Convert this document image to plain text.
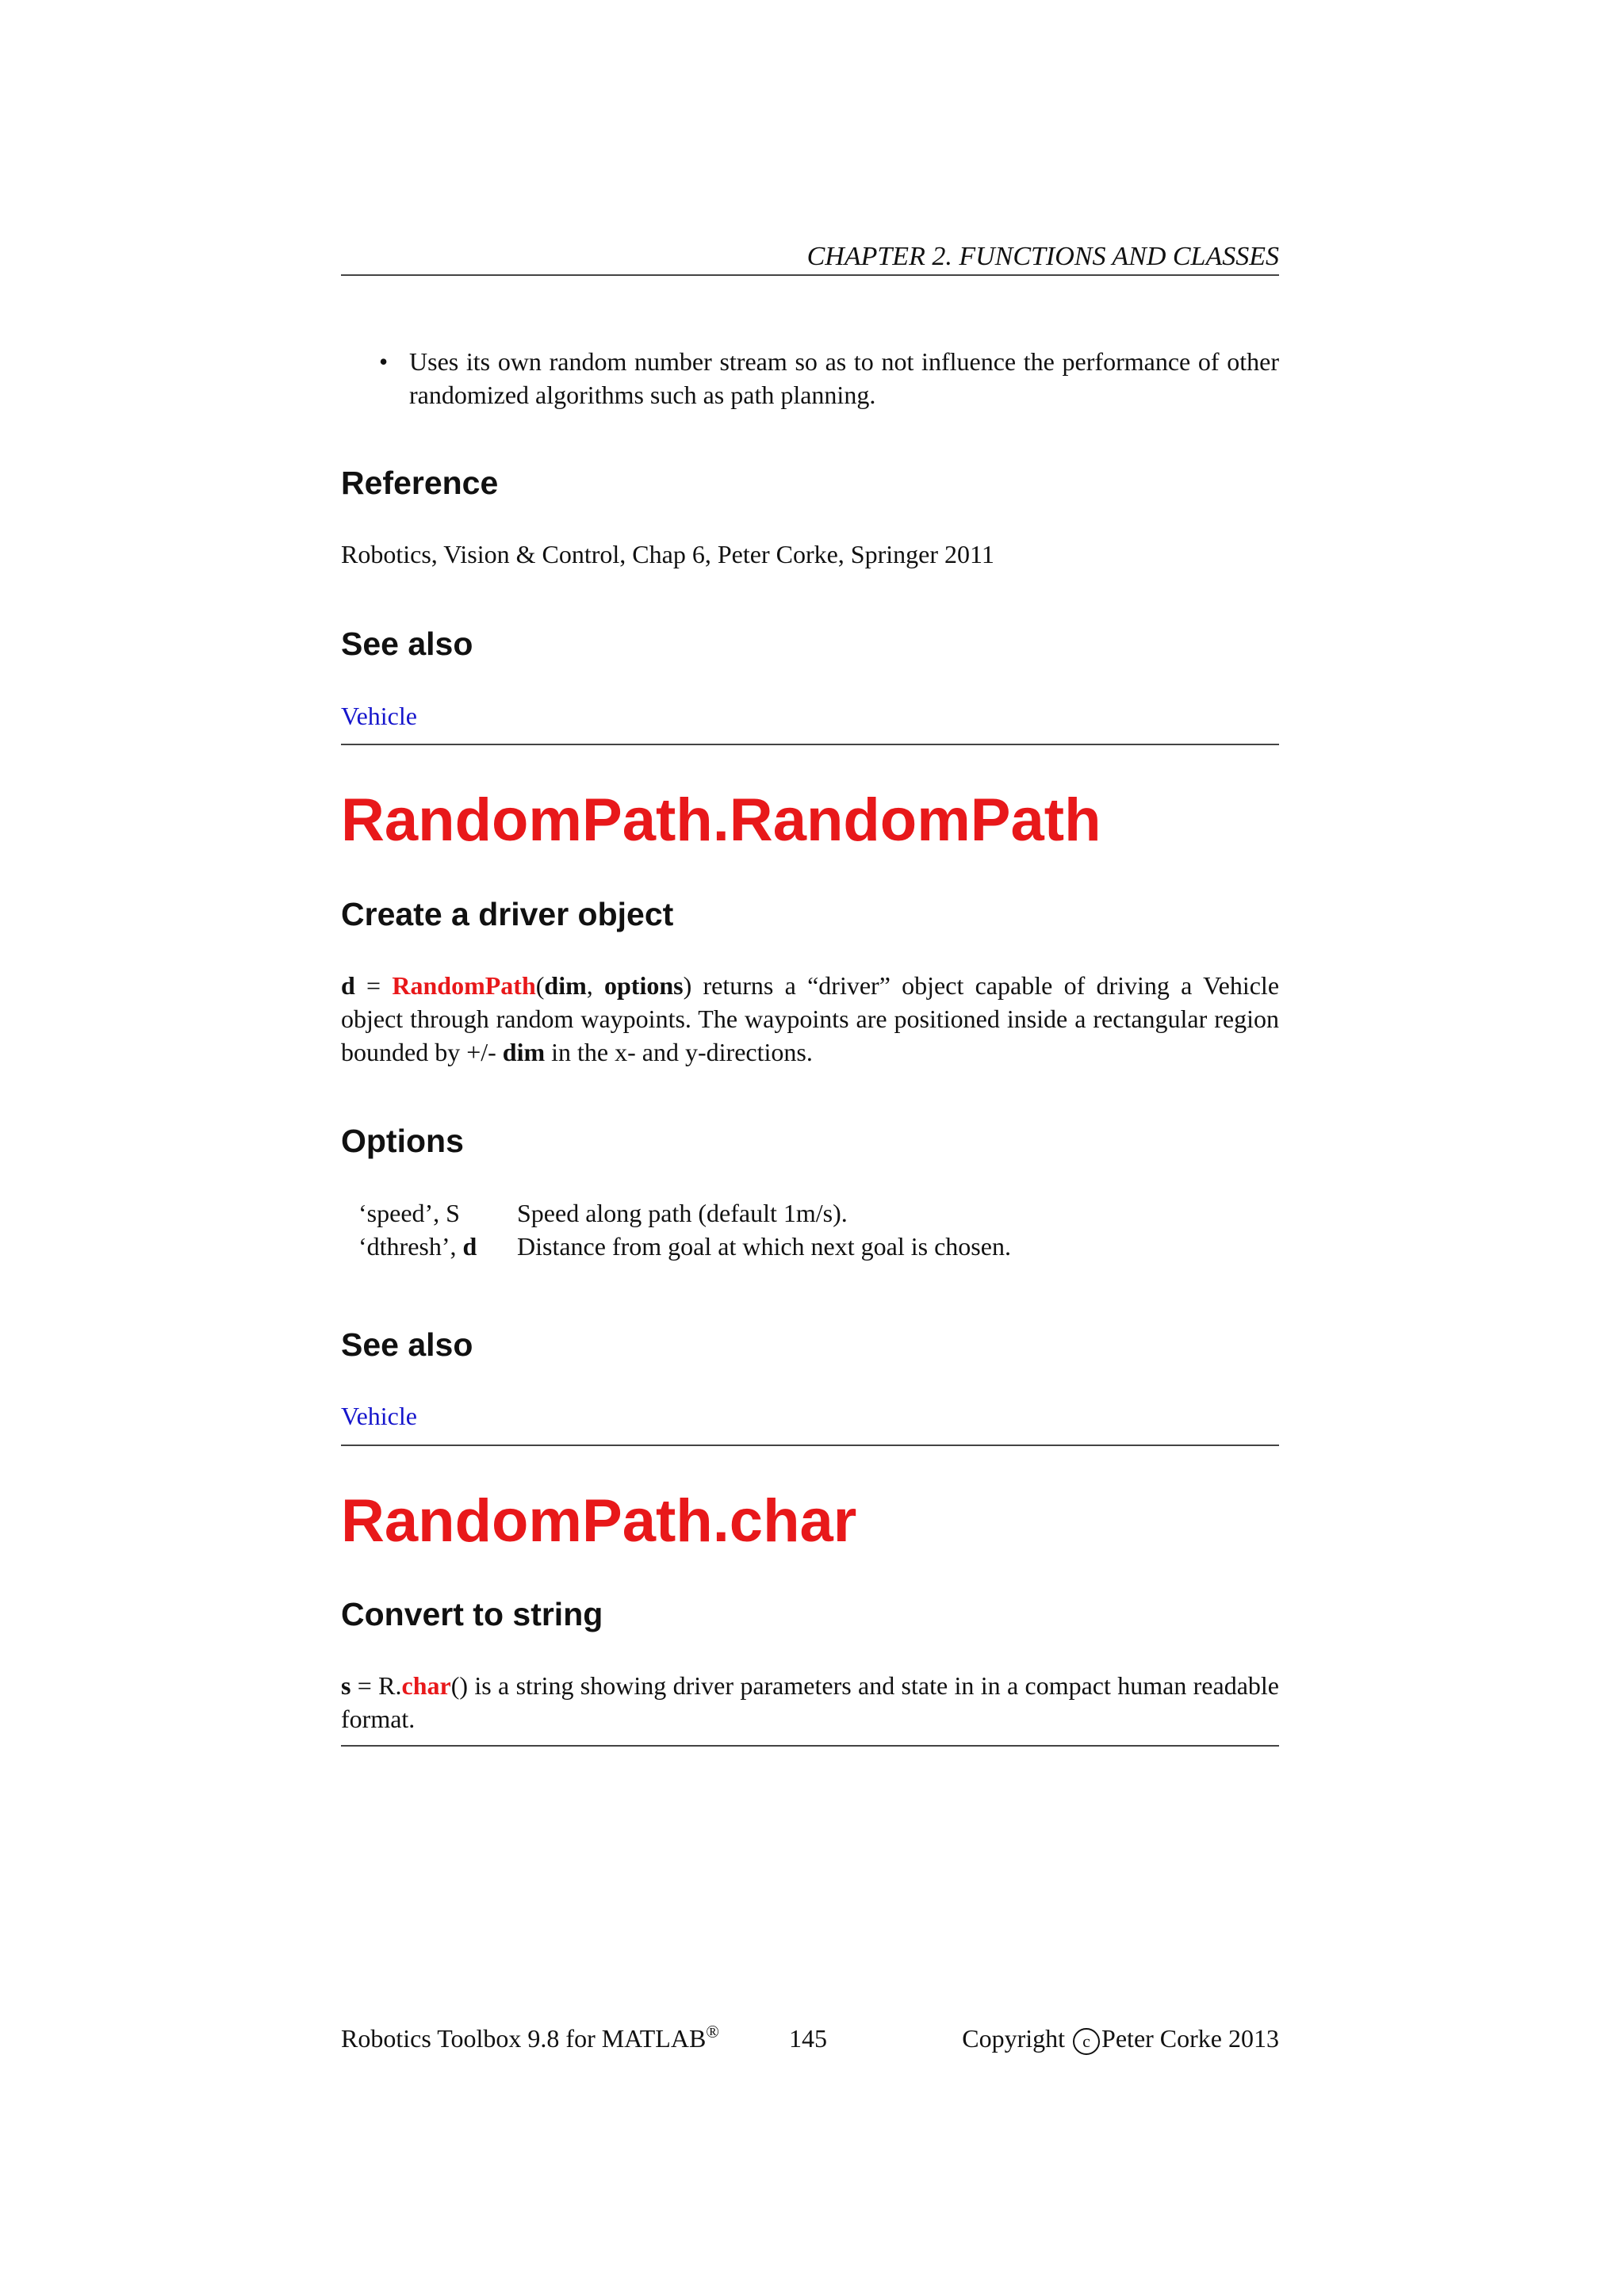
CHAPTER 2. FUNCTIONS AND CLASSES
• Uses its own random number stream so as to not influence the performance of other randomized algorithms such as path planning.
Reference
Robotics, Vision & Control, Chap 6, Peter Corke, Springer 2011
See also
Vehicle
RandomPath.RandomPath
Create a driver object
d = RandomPath(dim, options) returns a “driver” object capable of driving a Vehicle object through random waypoints. The waypoints are positioned inside a rectangular region bounded by +/- dim in the x- and y-directions.
Options
‘speed’, S Speed along path (default 1m/s).
‘dthresh’, d Distance from goal at which next goal is chosen.
See also
Vehicle
RandomPath.char
Convert to string
s = R.char() is a string showing driver parameters and state in in a compact human readable format.
Robotics Toolbox 9.8 for MATLAB®	145	Copyright c Peter Corke 2013
